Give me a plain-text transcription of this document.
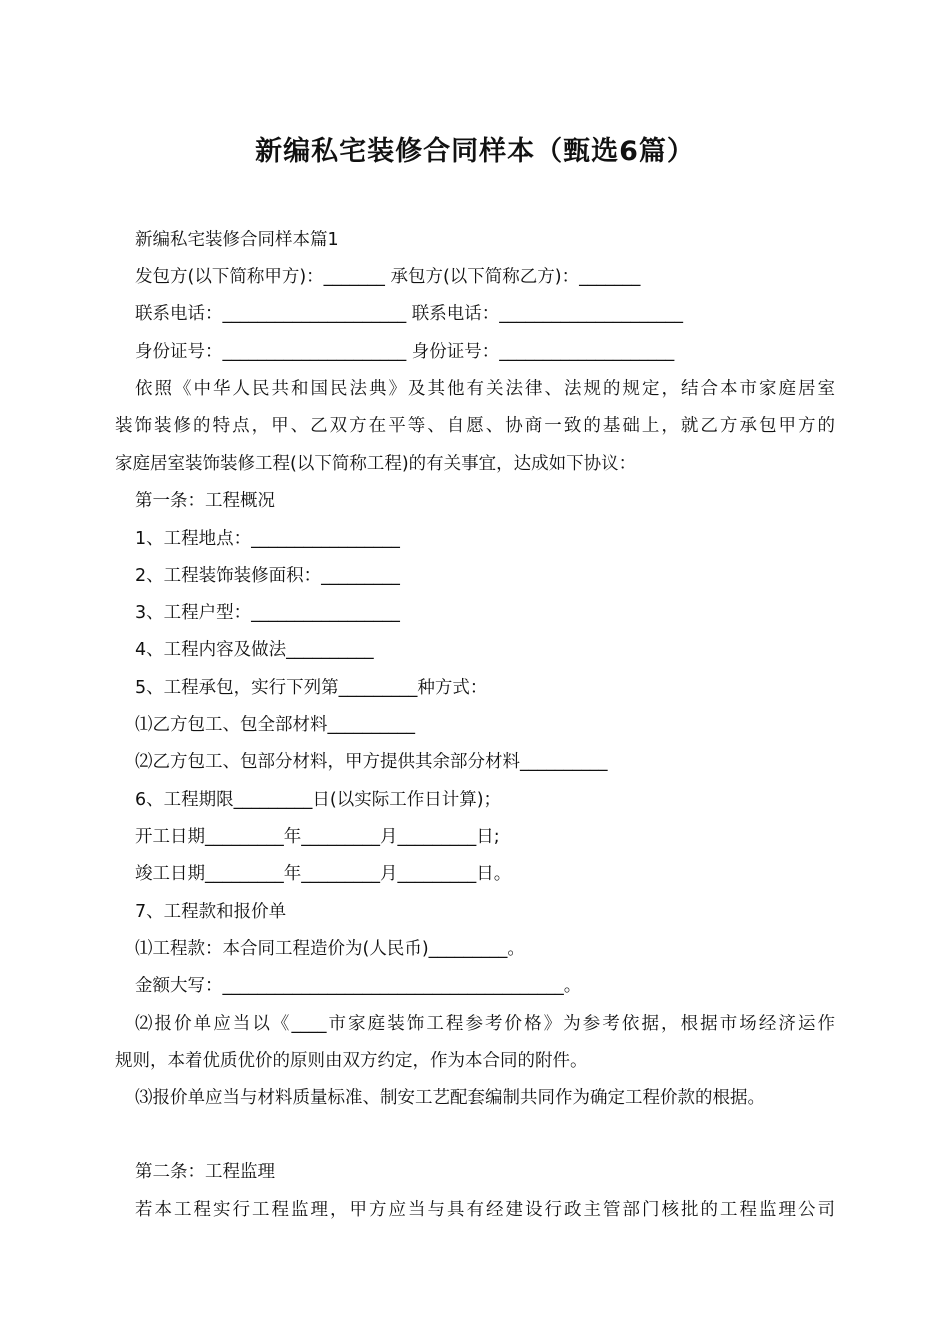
新编私宅装修合同样本（甄选6篇）
新编私宅装修合同样本篇1
发包方(以下简称甲方)：_______ 承包方(以下简称乙方)：_______
联系电话：_____________________ 联系电话：_____________________
身份证号：_____________________ 身份证号：____________________
依照《中华人民共和国民法典》及其他有关法律、法规的规定，结合本市家庭居室
装饰装修的特点，甲、乙双方在平等、自愿、协商一致的基础上，就乙方承包甲方的
家庭居室装饰装修工程(以下简称工程)的有关事宜，达成如下协议：
第一条：工程概况
1、工程地点：_________________
2、工程装饰装修面积：_________
3、工程户型：_________________
4、工程内容及做法__________
5、工程承包，实行下列第_________种方式：
⑴乙方包工、包全部材料__________
⑵乙方包工、包部分材料，甲方提供其余部分材料__________
6、工程期限_________日(以实际工作日计算)；
开工日期_________年_________月_________日;
竣工日期_________年_________月_________日。
7、工程款和报价单
⑴工程款：本合同工程造价为(人民币)_________。
金额大写：_______________________________________。
⑵报价单应当以《____市家庭装饰工程参考价格》为参考依据，根据市场经济运作
规则，本着优质优价的原则由双方约定，作为本合同的附件。
⑶报价单应当与材料质量标准、制安工艺配套编制共同作为确定工程价款的根据。
第二条：工程监理
若本工程实行工程监理，甲方应当与具有经建设行政主管部门核批的工程监理公司
